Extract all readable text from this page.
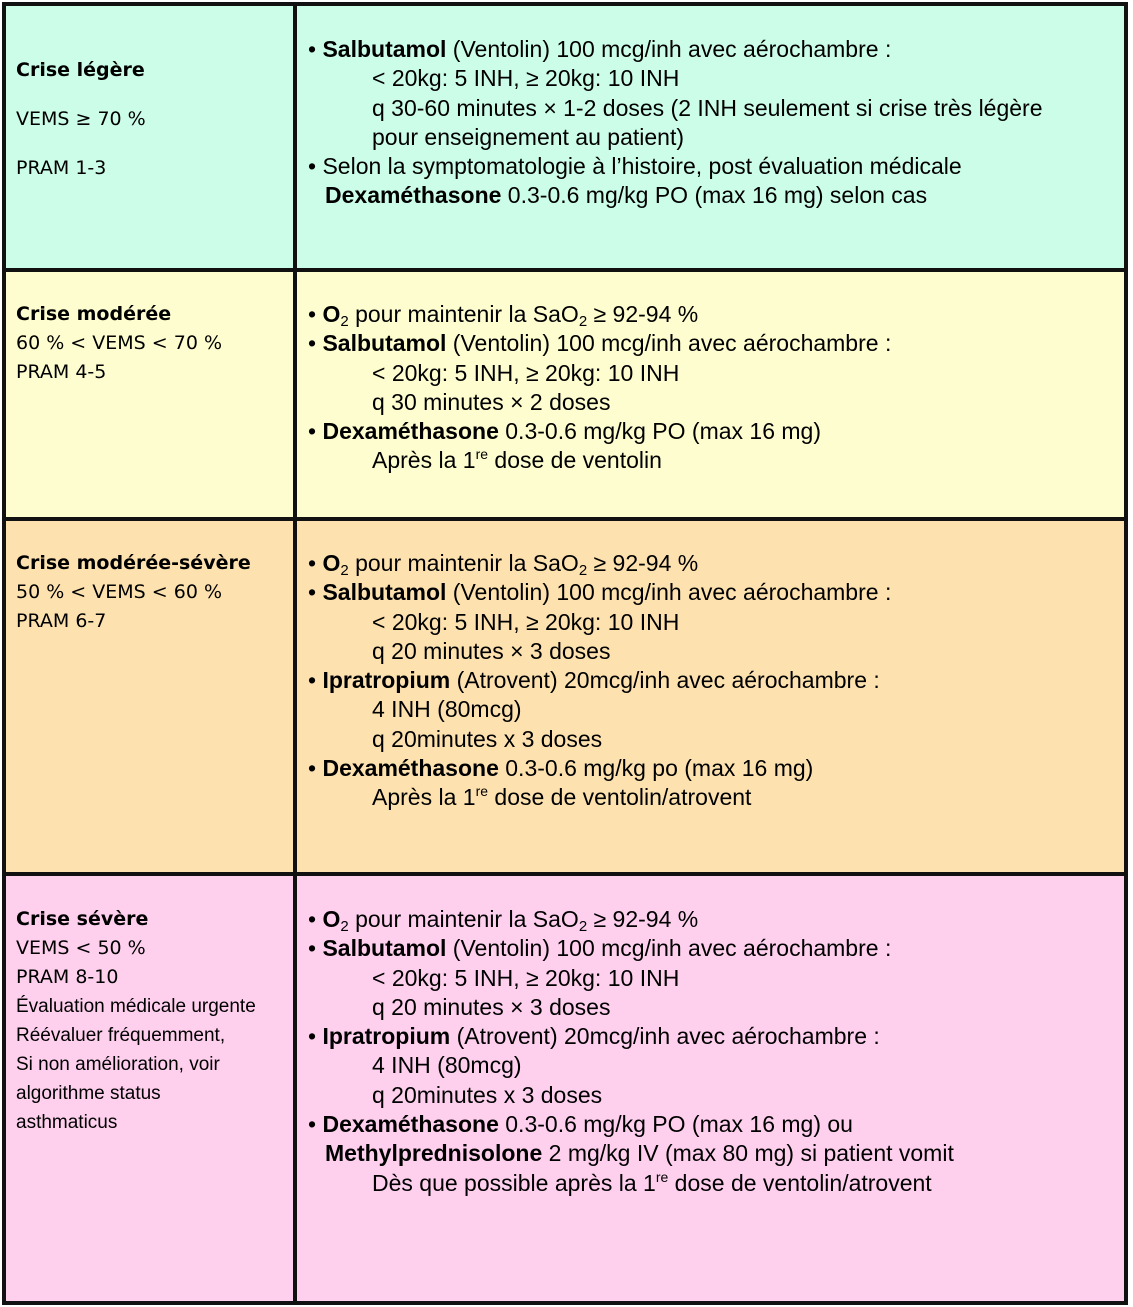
Crise légère
VEMS ≥ 70 %
PRAM 1-3
• Salbutamol (Ventolin) 100 mcg/inh avec aérochambre :
< 20kg: 5 INH, ≥ 20kg: 10 INH
q 30-60 minutes × 1-2 doses (2 INH seulement si crise très légère
pour enseignement au patient)
• Selon la symptomatologie à l’histoire, post évaluation médicale
Dexaméthasone 0.3-0.6 mg/kg PO (max 16 mg) selon cas
Crise modérée
60 % < VEMS < 70 %
PRAM 4-5
• $O_2$ pour maintenir la SaO$_2$ ≥ 92-94 %
• Salbutamol (Ventolin) 100 mcg/inh avec aérochambre :
< 20kg: 5 INH, ≥ 20kg: 10 INH
q 30 minutes × 2 doses
• Dexaméthasone 0.3-0.6 mg/kg PO (max 16 mg)
Après la 1re dose de ventolin
Crise modérée-sévère
50 % < VEMS < 60 %
PRAM 6-7
• $O_2$ pour maintenir la SaO$_2$ ≥ 92-94 %
• Salbutamol (Ventolin) 100 mcg/inh avec aérochambre :
< 20kg: 5 INH, ≥ 20kg: 10 INH
q 20 minutes × 3 doses
• Ipratropium (Atrovent) 20mcg/inh avec aérochambre :
4 INH (80mcg)
q 20minutes x 3 doses
• Dexaméthasone 0.3-0.6 mg/kg po (max 16 mg)
Après la 1re dose de ventolin/atrovent
Crise sévère
VEMS < 50 %
PRAM 8-10
Évaluation médicale urgente
Réévaluer fréquemment,
Si non amélioration, voir
algorithme status
asthmaticus
• $O_2$ pour maintenir la SaO$_2$ ≥ 92-94 %
• Salbutamol (Ventolin) 100 mcg/inh avec aérochambre :
< 20kg: 5 INH, ≥ 20kg: 10 INH
q 20 minutes × 3 doses
• Ipratropium (Atrovent) 20mcg/inh avec aérochambre :
4 INH (80mcg)
q 20minutes x 3 doses
• Dexaméthasone 0.3-0.6 mg/kg PO (max 16 mg) ou
Methylprednisolone 2 mg/kg IV (max 80 mg) si patient vomit
Dès que possible après la 1re dose de ventolin/atrovent
